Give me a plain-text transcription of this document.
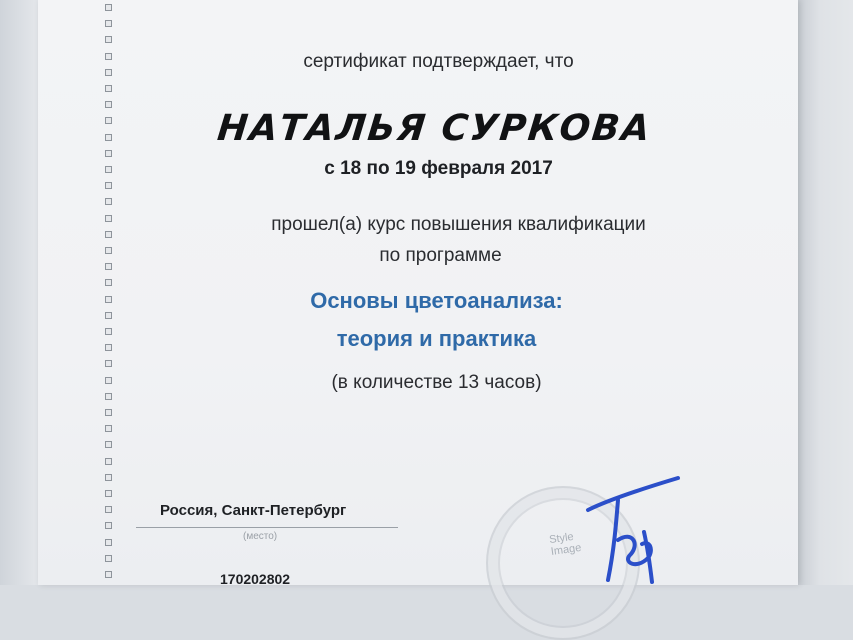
сертификат подтверждает, что
НАТАЛЬЯ СУРКОВА
с 18 по 19 февраля 2017
прошел(а) курс повышения квалификации
по программе
Основы цветоанализа:
теория и практика
(в количестве 13 часов)
Россия, Санкт-Петербург
(место)
170202802
Style
Image
